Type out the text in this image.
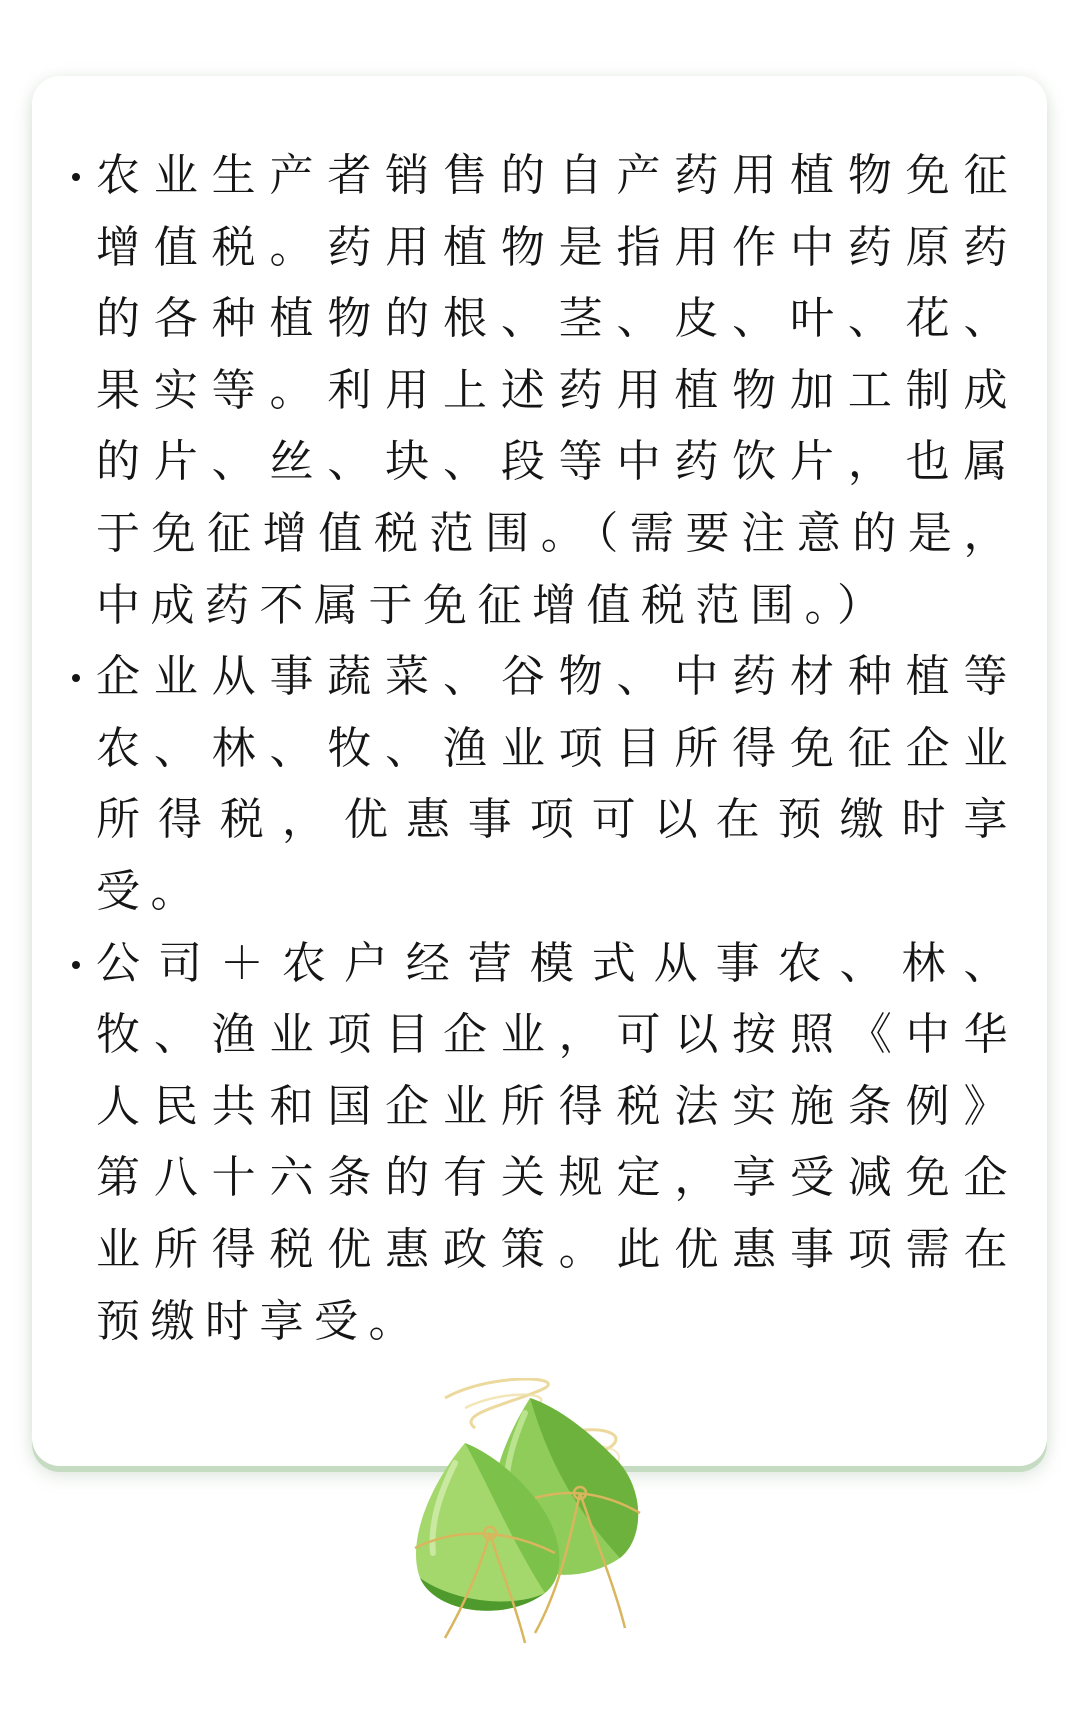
农业生产者销售的自产药用植物免征增值税。药用植物是指用作中药原药的各种植物的根、茎、皮、叶、花、果实等。利用上述药用植物加工制成的片、丝、块、段等中药饮片，也属于免征增值税范围。（需要注意的是，中成药不属于免征增值税范围。）
企业从事蔬菜、谷物、中药材种植等农、林、牧、渔业项目所得免征企业所得税，优惠事项可以在预缴时享受。
公司＋农户经营模式从事农、林、牧、渔业项目企业，可以按照《中华人民共和国企业所得税法实施条例》第八十六条的有关规定，享受减免企业所得税优惠政策。此优惠事项需在预缴时享受。
